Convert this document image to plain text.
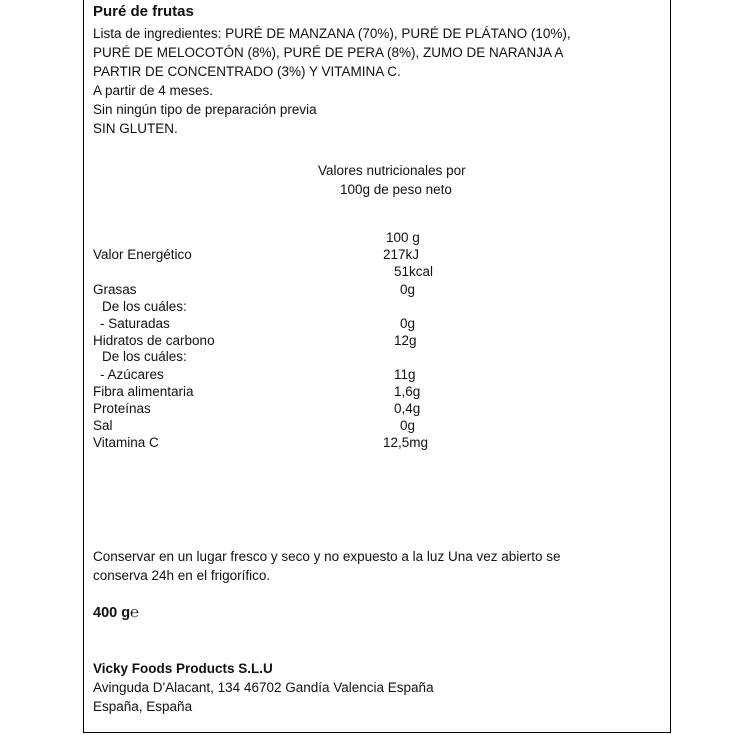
Puré de frutas
Lista de ingredientes: PURÉ DE MANZANA (70%), PURÉ DE PLÁTANO (10%),
PURÉ DE MELOCOTÓN (8%), PURÉ DE PERA (8%), ZUMO DE NARANJA A
PARTIR DE CONCENTRADO (3%) Y VITAMINA C.
A partir de 4 meses.
Sin ningún tipo de preparación previa
SIN GLUTEN.
Valores nutricionales por
100g de peso neto
100 g
Valor Energético	217kJ
51kcal
Grasas	0g
De los cuáles:
- Saturadas	0g
Hidratos de carbono	12g
De los cuáles:
- Azúcares	11g
Fibra alimentaria	1,6g
Proteínas	0,4g
Sal	0g
Vitamina C	12,5mg
Conservar en un lugar fresco y seco y no expuesto a la luz Una vez abierto se
conserva 24h en el frigorífico.
400 g℮
Vicky Foods Products S.L.U
Avinguda D'Alacant, 134 46702 Gandía Valencia España
España, España
